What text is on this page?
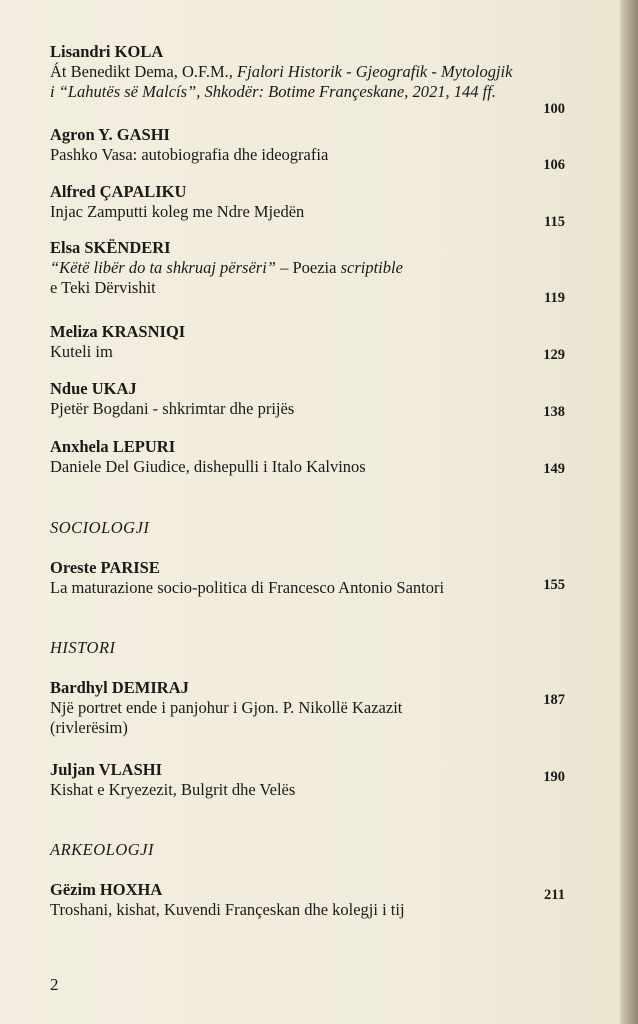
Lisandri KOLA
Át Benedikt Dema, O.F.M., Fjalori Historik - Gjeografik - Mytologjik
i “Lahutës së Malcís”, Shkodër: Botime Françeskane, 2021, 144 ff.
100
Agron Y. GASHI
Pashko Vasa: autobiografia dhe ideografia
106
Alfred ÇAPALIKU
Injac Zamputti koleg me Ndre Mjedën
115
Elsa SKËNDERI
“Këtë libër do ta shkruaj përsëri” – Poezia scriptible
e Teki Dërvishit
119
Meliza KRASNIQI
Kuteli im	129
Ndue UKAJ
Pjetër Bogdani - shkrimtar dhe prijës	138
Anxhela LEPURI
Daniele Del Giudice, dishepulli i Italo Kalvinos	149
SOCIOLOGJI
Oreste PARISE
La maturazione socio-politica di Francesco Antonio Santori	155
HISTORI
Bardhyl DEMIRAJ
Një portret ende i panjohur i Gjon. P. Nikollë Kazazit
(rivlerësim)
187
Juljan VLASHI
Kishat e Kryezezit, Bulgrit dhe Velës
190
ARKEOLOGJI
Gëzim HOXHA
Troshani, kishat, Kuvendi Françeskan dhe kolegji i tij
211
2
